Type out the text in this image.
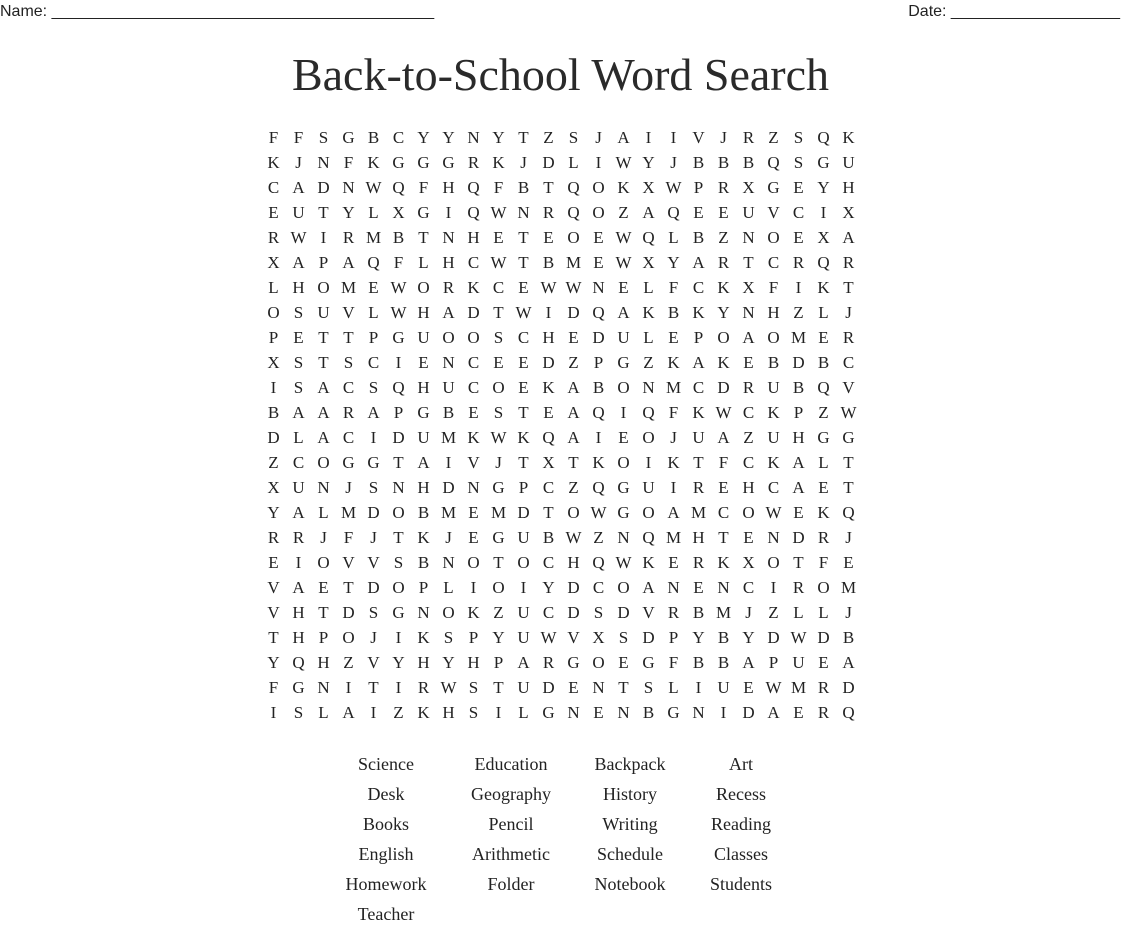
Name: ___________________________________________	Date: ___________________
Back-to-School Word Search
F F S G B C Y Y N Y T Z S J A I	I V J R Z S Q K
K J N F K G G G R K J D L I W Y J B B B Q S G U
C A D N W Q F H Q F B T Q O K X W P R X G E Y H
E U T Y L X G I Q W N R Q O Z A Q E E U V C I X
R W I R M B T N H E T E O E W Q L B Z N O E X A
X A P A Q F L H C W T B M E W X Y A R T C R Q R
L H O M E W O R K C E W W N E L F C K X F	I K T
O S U V L W H A D T W I D Q A K B K Y N H Z L J
P E T T P G U O O S C H E D U L E P O A O M E R
X S T S C I E N C E E D Z P G Z K A K E B D B C
I	S A C S Q H U C O E K A B O N M C D R U B Q V
B A A R A P G B E S T E A Q I Q F K W C K P Z W
D L A C I D U M K W K Q A I E O J U A Z U H G G
Z C O G G T A I V J T X T K O I K T F C K A L T
X U N J S N H D N G P C Z Q G U I R E H C A E T
Y A L M D O B M E M D T O W G O A M C O W E K Q
R R J F J T K J E G U B W Z N Q M H T E N D R J
E I O V V S B N O T O C H Q W K E R K X O T F E
V A E T D O P L I O I Y D C O A N E N C I R O M
V H T D S G N O K Z U C D S D V R B M J Z L L J
T H P O J	I K S P Y U W V X S D P Y B Y D W D B
Y Q H Z V Y H Y H P A R G O E G F B B A P U E A
F G N I T I R W S T U D E N T S L I U E W M R D
I	S L A I Z K H S	I L G N E N B G N I D A E R Q
Science	Education	Backpack	Art
Desk	Geography	History	Recess
Books	Pencil	Writing	Reading
English	Arithmetic	Schedule	Classes
Homework	Folder	Notebook	Students
Teacher
